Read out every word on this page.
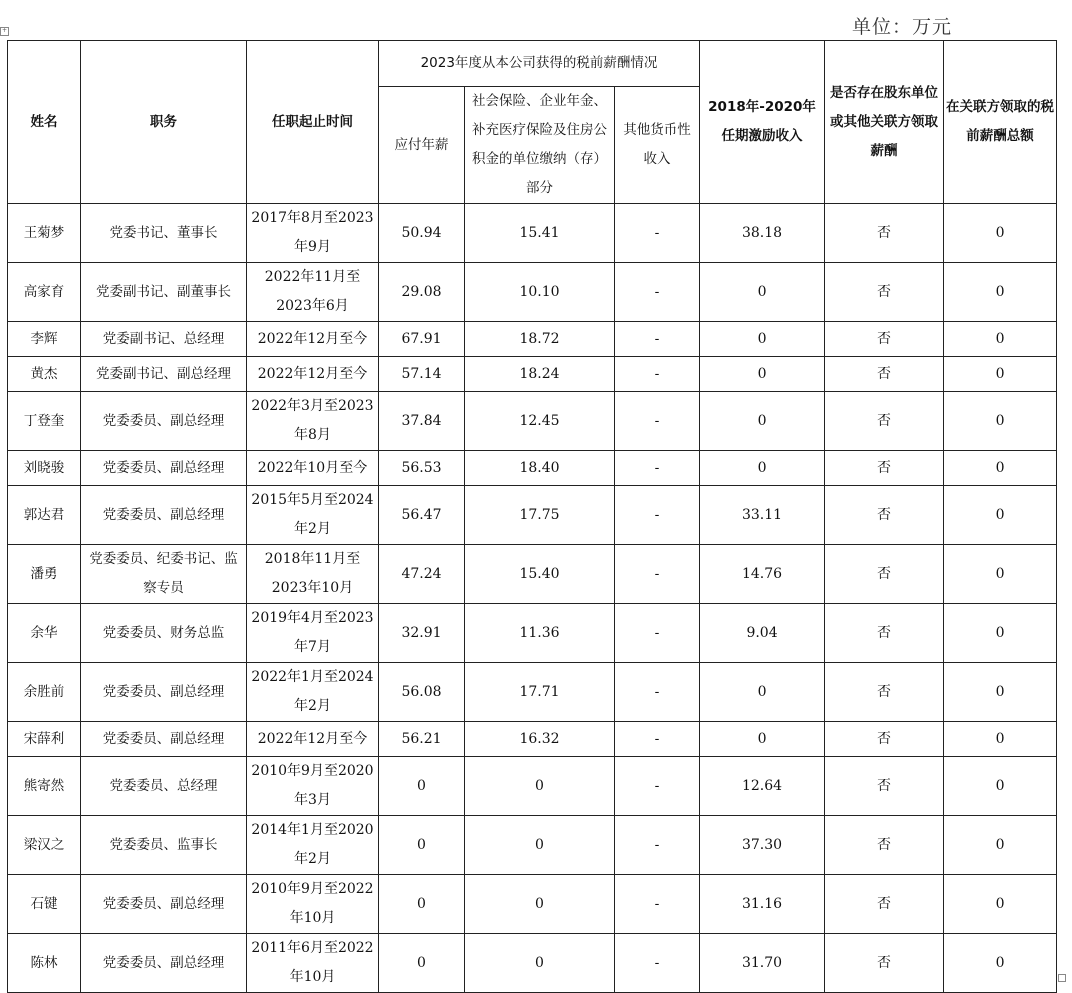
单位：万元
+
姓名	职务	任职起止时间	2023年度从本公司获得的税前薪酬情况			2018年-2020年任期激励收入	是否存在股东单位或其他关联方领取薪酬	在关联方领取的税前薪酬总额
			应付年薪	社会保险、企业年金、补充医疗保险及住房公积金的单位缴纳（存）部分	其他货币性收入			
王菊梦	党委书记、董事长	2017年8月至2023年9月	50.94	15.41	-	38.18	否	0
高家育	党委副书记、副董事长	2022年11月至2023年6月	29.08	10.10	-	0	否	0
李辉	党委副书记、总经理	2022年12月至今	67.91	18.72	-	0	否	0
黄杰	党委副书记、副总经理	2022年12月至今	57.14	18.24	-	0	否	0
丁登奎	党委委员、副总经理	2022年3月至2023年8月	37.84	12.45	-	0	否	0
刘晓骏	党委委员、副总经理	2022年10月至今	56.53	18.40	-	0	否	0
郭达君	党委委员、副总经理	2015年5月至2024年2月	56.47	17.75	-	33.11	否	0
潘勇	党委委员、纪委书记、监察专员	2018年11月至2023年10月	47.24	15.40	-	14.76	否	0
余华	党委委员、财务总监	2019年4月至2023年7月	32.91	11.36	-	9.04	否	0
余胜前	党委委员、副总经理	2022年1月至2024年2月	56.08	17.71	-	0	否	0
宋薛利	党委委员、副总经理	2022年12月至今	56.21	16.32	-	0	否	0
熊寄然	党委委员、总经理	2010年9月至2020年3月	0	0	-	12.64	否	0
梁汉之	党委委员、监事长	2014年1月至2020年2月	0	0	-	37.30	否	0
石键	党委委员、副总经理	2010年9月至2022年10月	0	0	-	31.16	否	0
陈林	党委委员、副总经理	2011年6月至2022年10月	0	0	-	31.70	否	0
